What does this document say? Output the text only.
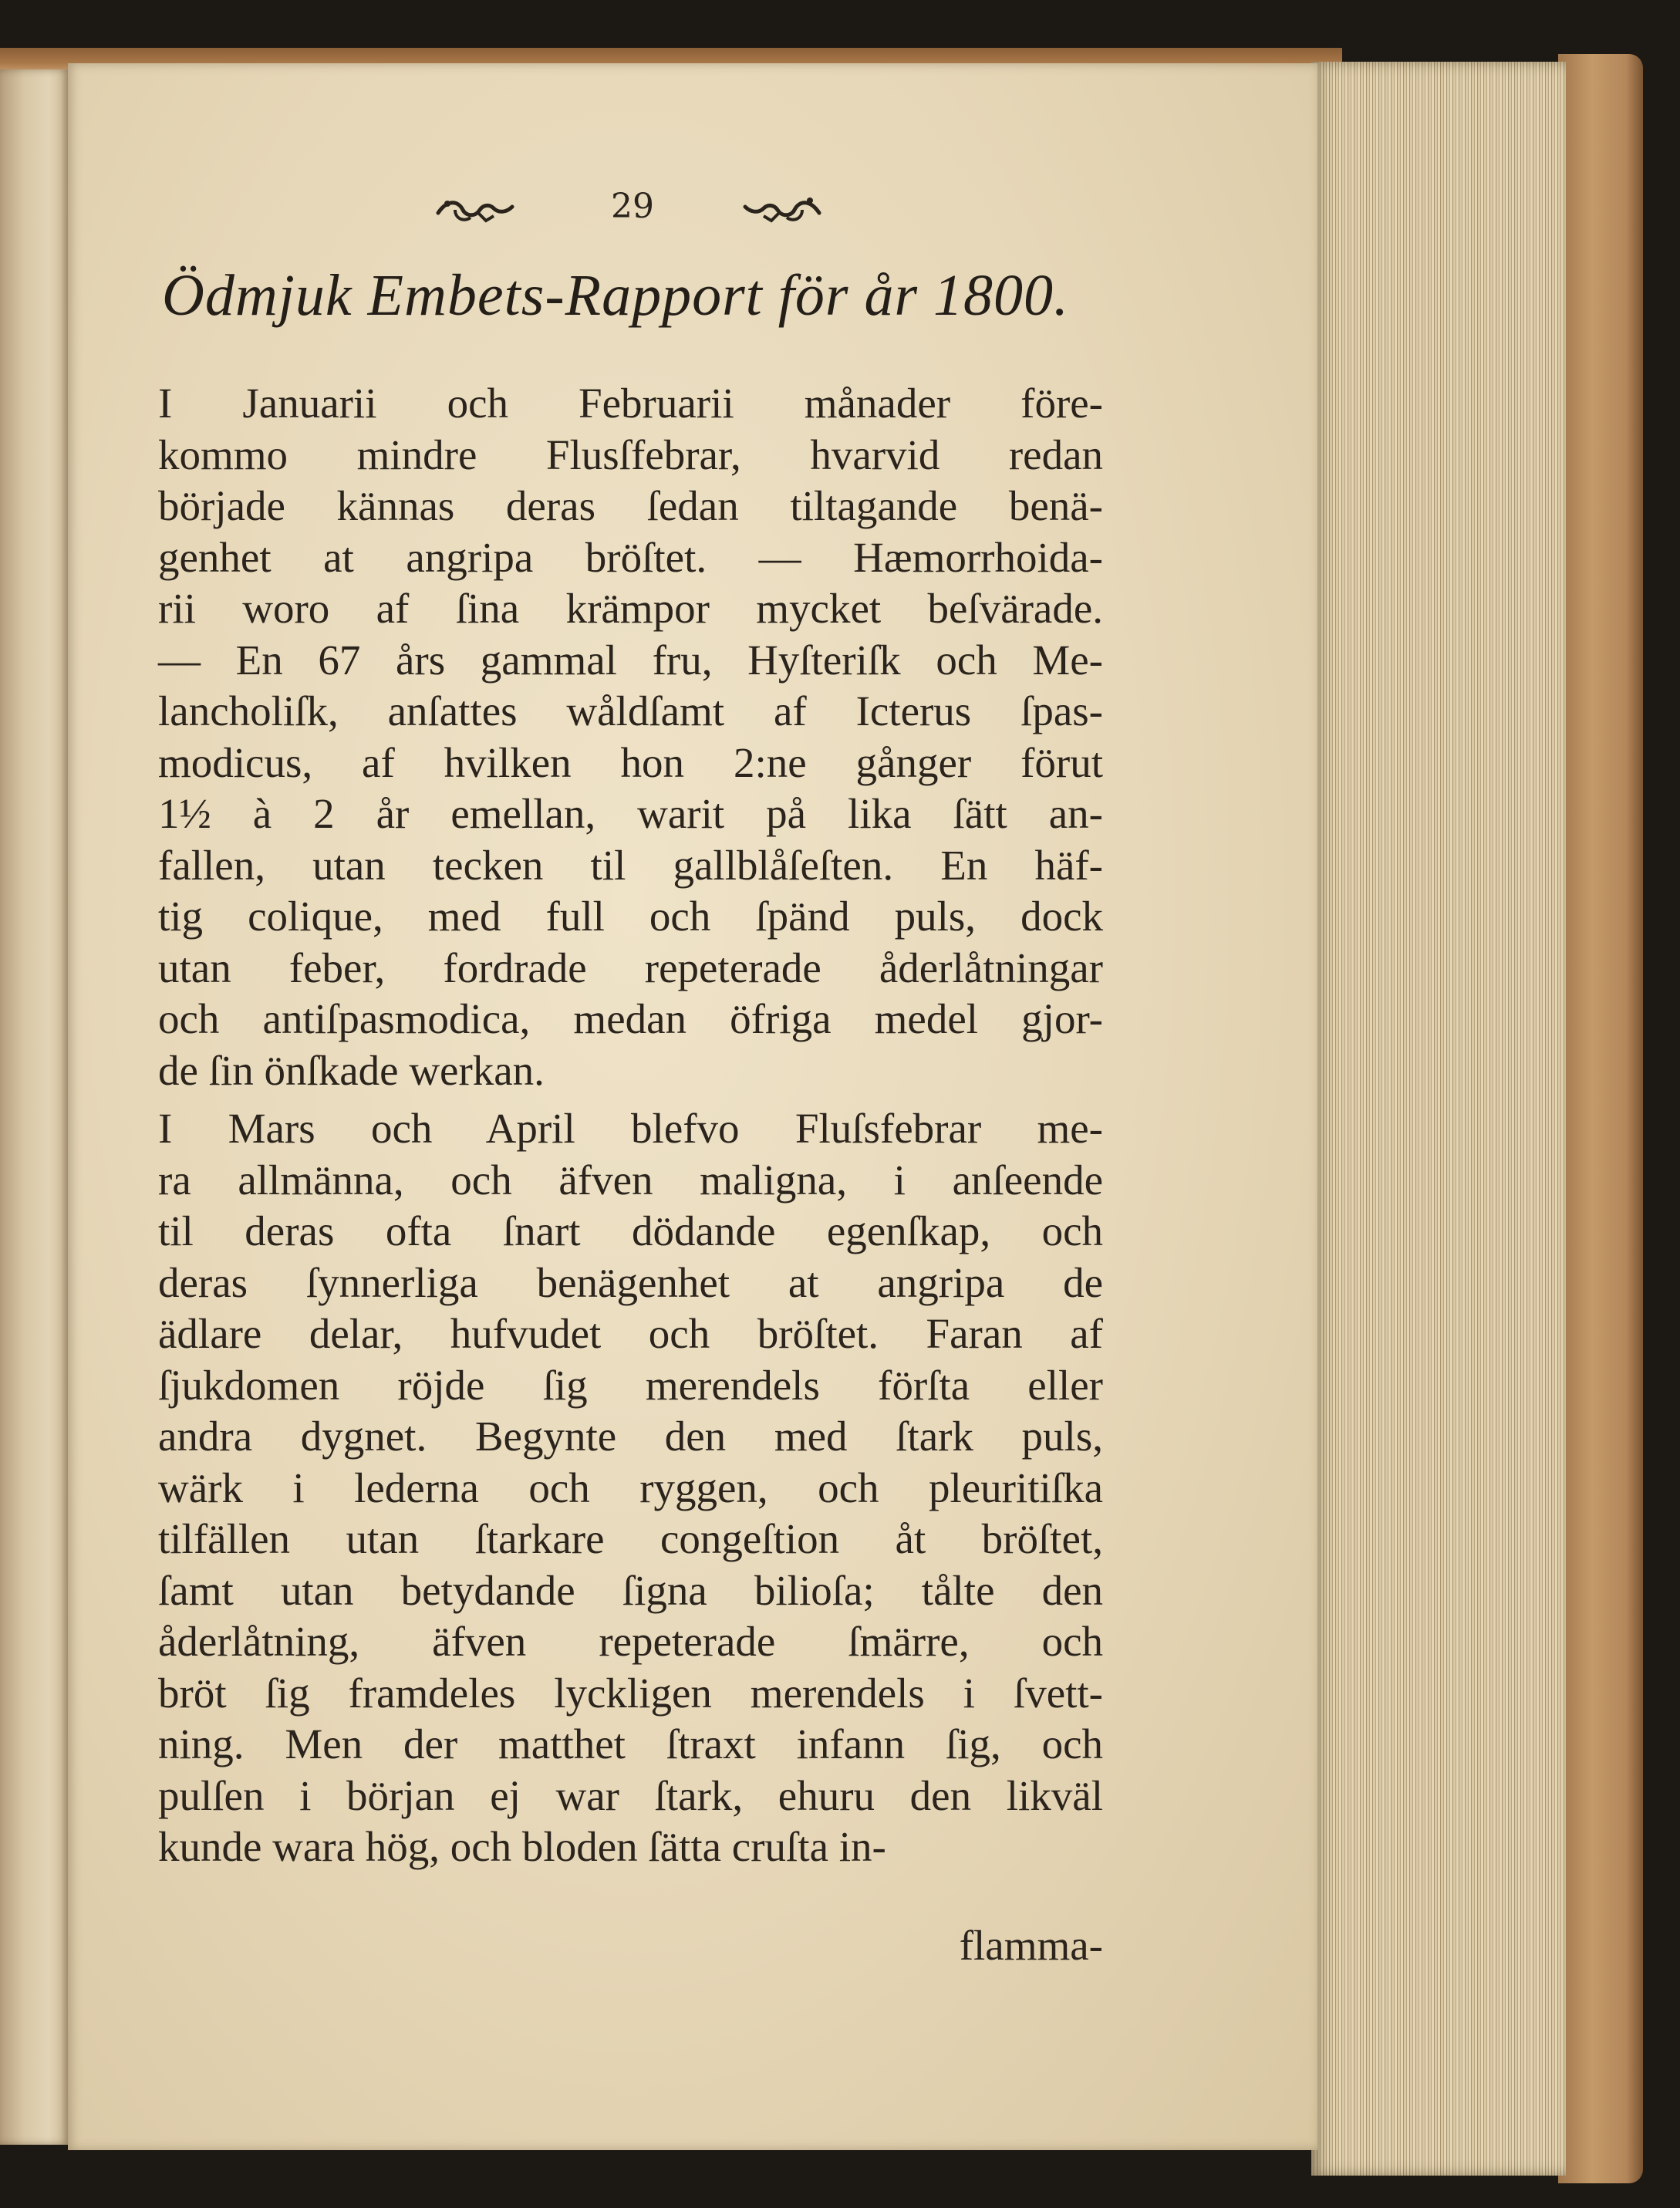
29
Ödmjuk Embets-Rapport för år 1800.
I Januarii och Februarii månader före-
kommo mindre Flusſfebrar, hvarvid redan
började kännas deras ſedan tiltagande benä-
genhet at angripa bröſtet. — Hæmorrhoida-
rii woro af ſina krämpor mycket beſvärade.
— En 67 års gammal fru, Hyſteriſk och Me-
lancholiſk, anſattes wåldſamt af Icterus ſpas-
modicus, af hvilken hon 2:ne gånger förut
1½ à 2 år emellan, warit på lika ſätt an-
fallen, utan tecken til gallblåſeſten. En häf-
tig colique, med full och ſpänd puls, dock
utan feber, fordrade repeterade åderlåtningar
och antiſpasmodica, medan öfriga medel gjor-
de ſin önſkade werkan.
I Mars och April blefvo Fluſsfebrar me-
ra allmänna, och äfven maligna, i anſeende
til deras ofta ſnart dödande egenſkap, och
deras ſynnerliga benägenhet at angripa de
ädlare delar, hufvudet och bröſtet. Faran af
ſjukdomen röjde ſig merendels förſta eller
andra dygnet. Begynte den med ſtark puls,
wärk i lederna och ryggen, och pleuritiſka
tilfällen utan ſtarkare congeſtion åt bröſtet,
ſamt utan betydande ſigna bilioſa; tålte den
åderlåtning, äfven repeterade ſmärre, och
bröt ſig framdeles lyckligen merendels i ſvett-
ning. Men der matthet ſtraxt infann ſig, och
pulſen i början ej war ſtark, ehuru den likväl
kunde wara hög, och bloden ſätta cruſta in-
flamma-
